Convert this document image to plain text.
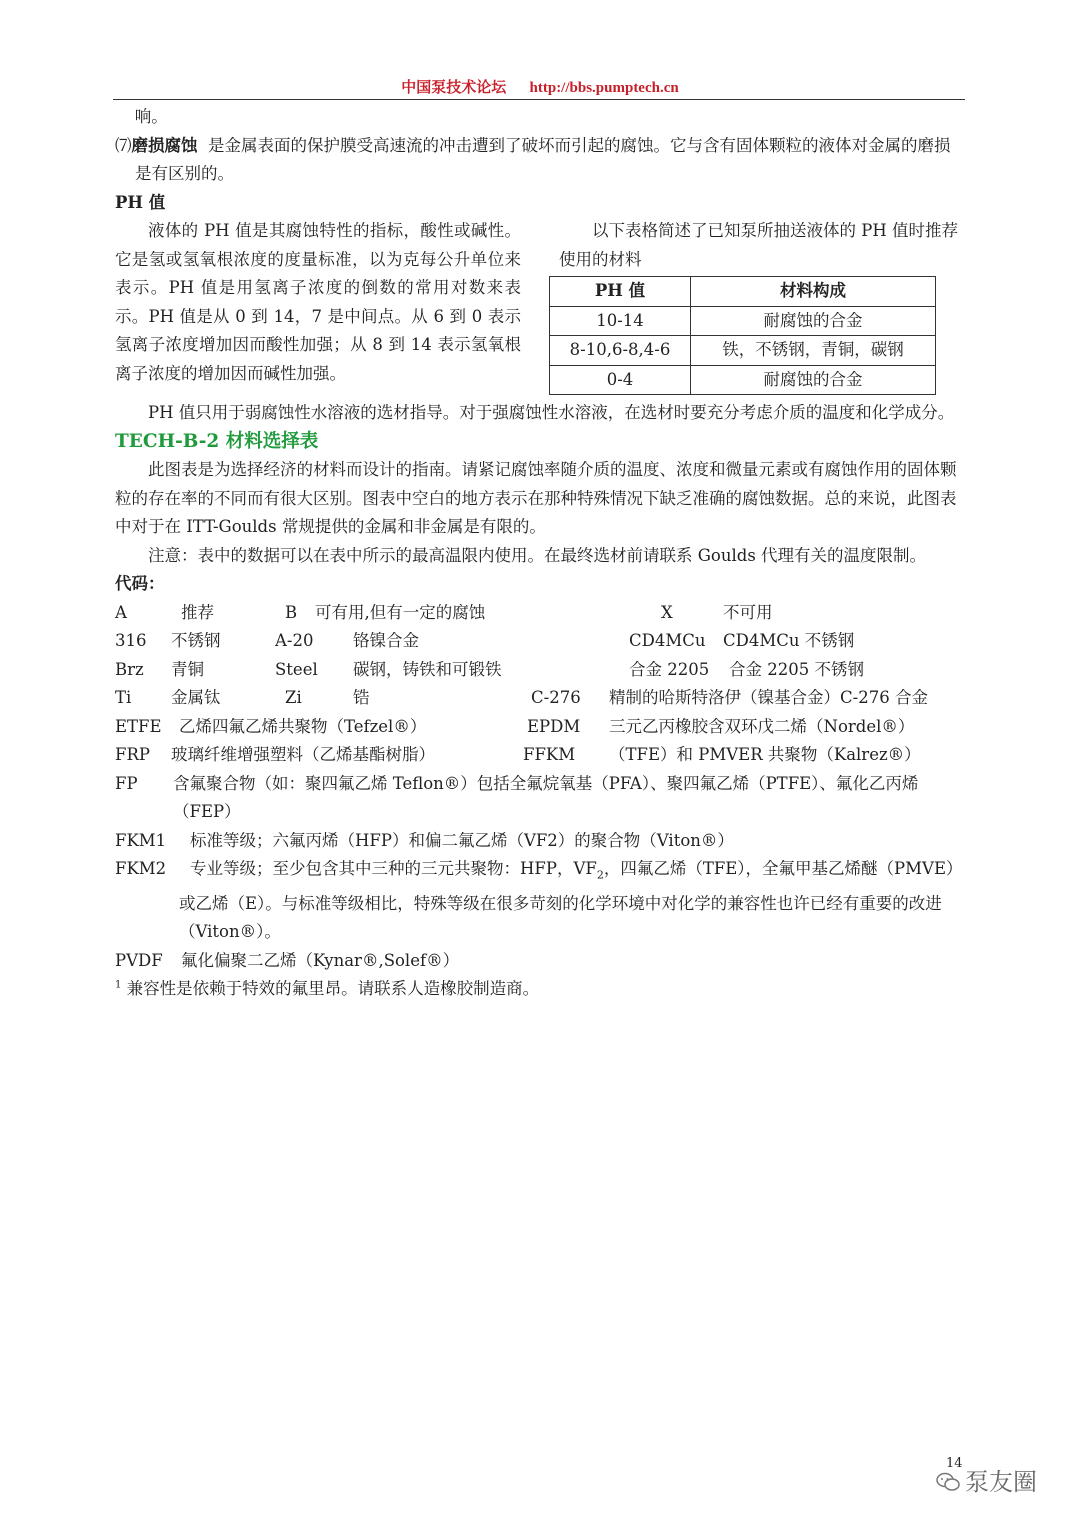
中国泵技术论坛 http://bbs.pumptech.cn

响。

⑺磨损腐蚀 是金属表面的保护膜受高速流的冲击遭到了破坏而引起的腐蚀。它与含有固体颗粒的液体对金属的磨损是有区别的。

PH 值

液体的 PH 值是其腐蚀特性的指标，酸性或碱性。它是氢或氢氧根浓度的度量标准，以为克每公升单位来表示。PH 值是用氢离子浓度的倒数的常用对数来表示。PH 值是从 0 到 14，7 是中间点。从 6 到 0 表示氢离子浓度增加因而酸性加强；从 8 到 14 表示氢氧根离子浓度的增加因而碱性加强。

以下表格简述了已知泵所抽送液体的 PH 值时推荐使用的材料

PH 值	材料构成
10-14	耐腐蚀的合金
8-10,6-8,4-6	铁，不锈钢，青铜，碳钢
0-4	耐腐蚀的合金

PH 值只用于弱腐蚀性水溶液的选材指导。对于强腐蚀性水溶液，在选材时要充分考虑介质的温度和化学成分。

TECH-B-2 材料选择表

此图表是为选择经济的材料而设计的指南。请紧记腐蚀率随介质的温度、浓度和微量元素或有腐蚀作用的固体颗粒的存在率的不同而有很大区别。图表中空白的地方表示在那种特殊情况下缺乏准确的腐蚀数据。总的来说，此图表中对于在 ITT-Goulds 常规提供的金属和非金属是有限的。

注意：表中的数据可以在表中所示的最高温限内使用。在最终选材前请联系 Goulds 代理有关的温度限制。

代码：

A	推荐	B 可有用,但有一定的腐蚀	X	不可用
316 不锈钢	A-20 铬镍合金	CD4MCu CD4MCu 不锈钢
Brz 青铜	Steel 碳钢，铸铁和可锻铁	合金 2205 合金 2205 不锈钢
Ti 金属钛	Zi	锆	C-276 精制的哈斯特洛伊（镍基合金）C-276 合金
ETFE 乙烯四氟乙烯共聚物（Tefzel®）	EPDM 三元乙丙橡胶含双环戊二烯（Nordel®）
FRP 玻璃纤维增强塑料（乙烯基酯树脂）	FFKM （TFE）和 PMVER 共聚物（Kalrez®）

FP 含氟聚合物（如：聚四氟乙烯 Teflon®）包括全氟烷氧基（PFA）、聚四氟乙烯（PTFE）、氟化乙丙烯（FEP）

FKM1 标准等级；六氟丙烯（HFP）和偏二氟乙烯（VF2）的聚合物（Viton®）

FKM2 专业等级；至少包含其中三种的三元共聚物：HFP，$VF_2$，四氟乙烯（TFE），全氟甲基乙烯醚（PMVE）或乙烯（E）。与标准等级相比，特殊等级在很多苛刻的化学环境中对化学的兼容性也许已经有重要的改进（Viton®）。

PVDF 氟化偏聚二乙烯（Kynar®,Solef®）

$^1$ 兼容性是依赖于特效的氟里昂。请联系人造橡胶制造商。

14
泵友圈
